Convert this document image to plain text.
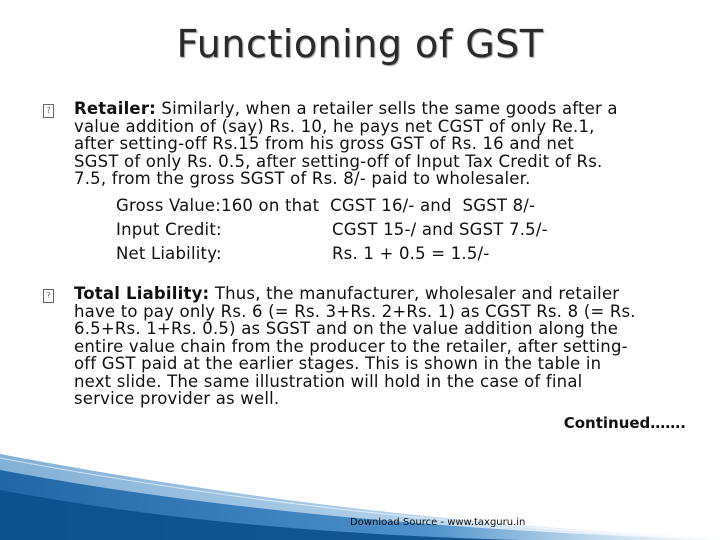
Functioning of GST
? Retailer: Similarly, when a retailer sells the same goods after a
value addition of (say) Rs. 10, he pays net CGST of only Re.1,
after setting-off Rs.15 from his gross GST of Rs. 16 and net
SGST of only Rs. 0.5, after setting-off of Input Tax Credit of Rs.
7.5, from the gross SGST of Rs. 8/- paid to wholesaler.
Gross Value:160 on that  CGST 16/- and  SGST 8/-
Input Credit:	CGST 15-/ and SGST 7.5/-
Net Liability:	Rs. 1 + 0.5 = 1.5/-
? Total Liability: Thus, the manufacturer, wholesaler and retailer
have to pay only Rs. 6 (= Rs. 3+Rs. 2+Rs. 1) as CGST Rs. 8 (= Rs.
6.5+Rs. 1+Rs. 0.5) as SGST and on the value addition along the
entire value chain from the producer to the retailer, after setting-
off GST paid at the earlier stages. This is shown in the table in
next slide. The same illustration will hold in the case of final
service provider as well.
Continued…….
Download Source - www.taxguru.in
